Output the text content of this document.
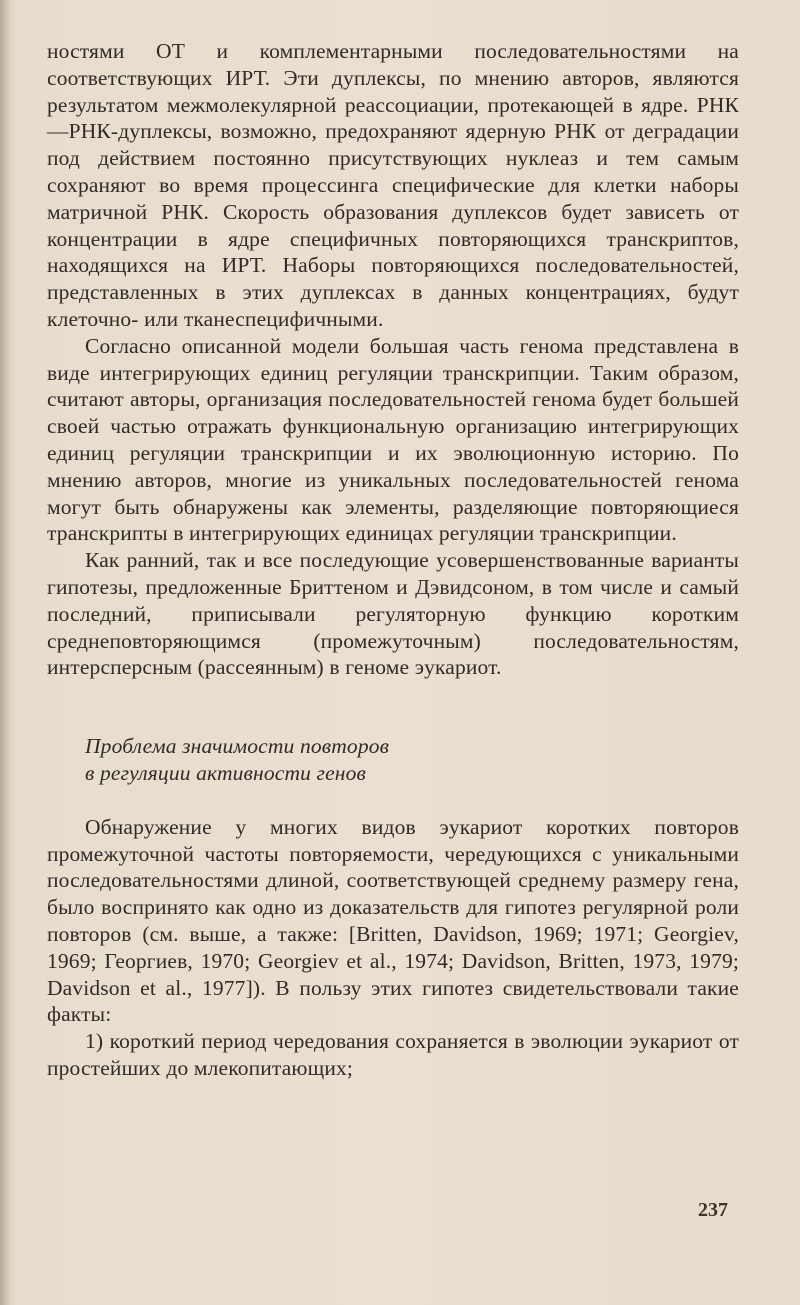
ностями ОТ и комплементарными последовательностями на соответствующих ИРТ. Эти дуплексы, по мнению авторов, являются результатом межмолекулярной реассоциации, протекающей в ядре. РНК—РНК-дуплексы, возможно, предохраняют ядерную РНК от деградации под действием постоянно присутствующих нуклеаз и тем самым сохраняют во время процессинга специфические для клетки наборы матричной РНК. Скорость образования дуплексов будет зависеть от концентрации в ядре специфичных повторяющихся транскриптов, находящихся на ИРТ. Наборы повторяющихся последовательностей, представленных в этих дуплексах в данных концентрациях, будут клеточно- или тканеспецифичными.

Согласно описанной модели большая часть генома представлена в виде интегрирующих единиц регуляции транскрипции. Таким образом, считают авторы, организация последовательностей генома будет большей своей частью отражать функциональную организацию интегрирующих единиц регуляции транскрипции и их эволюционную историю. По мнению авторов, многие из уникальных последовательностей генома могут быть обнаружены как элементы, разделяющие повторяющиеся транскрипты в интегрирующих единицах регуляции транскрипции.

Как ранний, так и все последующие усовершенствованные варианты гипотезы, предложенные Бриттеном и Дэвидсоном, в том числе и самый последний, приписывали регуляторную функцию коротким среднеповторяющимся (промежуточным) последовательностям, интерсперсным (рассеянным) в геноме эукариот.

Проблема значимости повторов
в регуляции активности генов

Обнаружение у многих видов эукариот коротких повторов промежуточной частоты повторяемости, чередующихся с уникальными последовательностями длиной, соответствующей среднему размеру гена, было воспринято как одно из доказательств для гипотез регулярной роли повторов (см. выше, а также: [Britten, Davidson, 1969; 1971; Georgiev, 1969; Георгиев, 1970; Georgiev et al., 1974; Davidson, Britten, 1973, 1979; Davidson et al., 1977]). В пользу этих гипотез свидетельствовали такие факты:

1) короткий период чередования сохраняется в эволюции эукариот от простейших до млекопитающих;

237
